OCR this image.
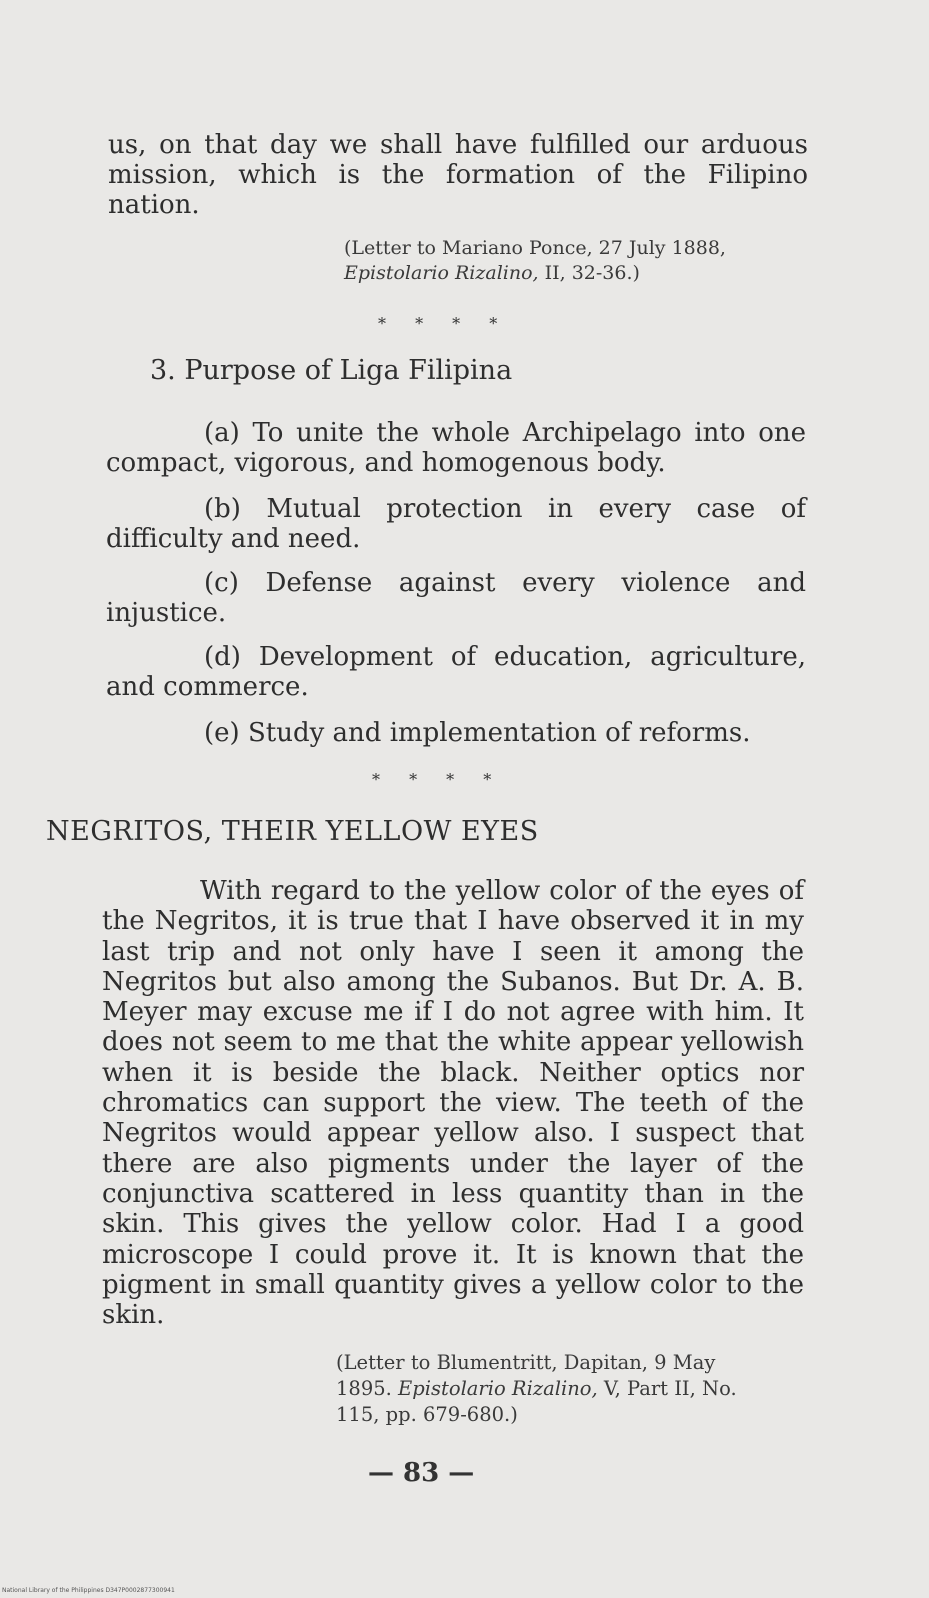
us, on that day we shall have fulfilled our arduous mission, which is the formation of the Filipino nation.
(Letter to Mariano Ponce, 27 July 1888,
Epistolario Rizalino, II, 32-36.)
* * * *
3. Purpose of Liga Filipina
(a) To unite the whole Archipelago into one compact, vigorous, and homogenous body.
(b) Mutual protection in every case of difficulty and need.
(c) Defense against every violence and injustice.
(d) Development of education, agriculture, and commerce.
(e) Study and implementation of reforms.
* * * *
NEGRITOS, THEIR YELLOW EYES
With regard to the yellow color of the eyes of the Negritos, it is true that I have observed it in my last trip and not only have I seen it among the Negritos but also among the Subanos. But Dr. A. B. Meyer may excuse me if I do not agree with him. It does not seem to me that the white appear yellowish when it is beside the black. Neither optics nor chromatics can support the view. The teeth of the Negritos would appear yellow also. I suspect that there are also pigments under the layer of the conjunctiva scattered in less quantity than in the skin. This gives the yellow color. Had I a good microscope I could prove it. It is known that the pigment in small quantity gives a yellow color to the skin.
(Letter to Blumentritt, Dapitan, 9 May
1895. Epistolario Rizalino, V, Part II, No.
115, pp. 679-680.)
— 83 —
National Library of the Philippines D347P0002877300941
